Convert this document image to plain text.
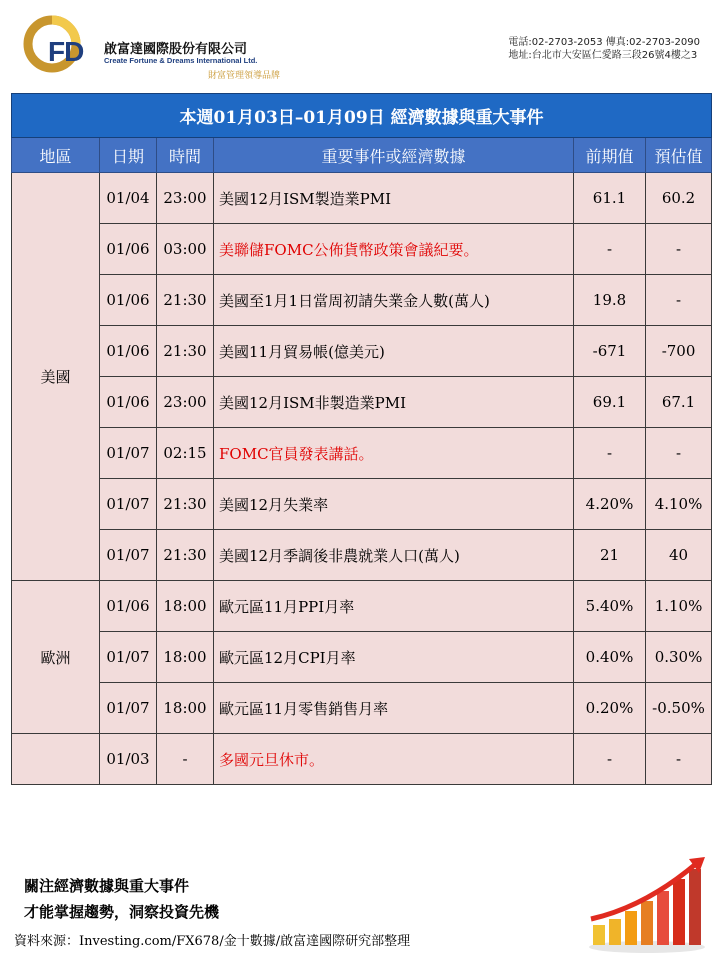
FD 啟富達國際股份有限公司
Create Fortune & Dreams International Ltd.
財富管理領導品牌
電話:02-2703-2053 傳真:02-2703-2090
地址:台北市大安區仁愛路三段26號4樓之3
本週01月03日–01月09日 經濟數據與重大事件					
地區	日期	時間	重要事件或經濟數據	前期值	預估值
美國	01/04	23:00	美國12月ISM製造業PMI	61.1	60.2
	01/06	03:00	美聯儲FOMC公佈貨幣政策會議紀要。	-	-
	01/06	21:30	美國至1月1日當周初請失業金人數(萬人)	19.8	-
	01/06	21:30	美國11月貿易帳(億美元)	-671	-700
	01/06	23:00	美國12月ISM非製造業PMI	69.1	67.1
	01/07	02:15	FOMC官員發表講話。	-	-
	01/07	21:30	美國12月失業率	4.20%	4.10%
	01/07	21:30	美國12月季調後非農就業人口(萬人)	21	40
歐洲	01/06	18:00	歐元區11月PPI月率	5.40%	1.10%
	01/07	18:00	歐元區12月CPI月率	0.40%	0.30%
	01/07	18:00	歐元區11月零售銷售月率	0.20%	-0.50%
	01/03	-	多國元旦休市。	-	-
關注經濟數據與重大事件
才能掌握趨勢，洞察投資先機
資料來源：Investing.com/FX678/金十數據/啟富達國際研究部整理
